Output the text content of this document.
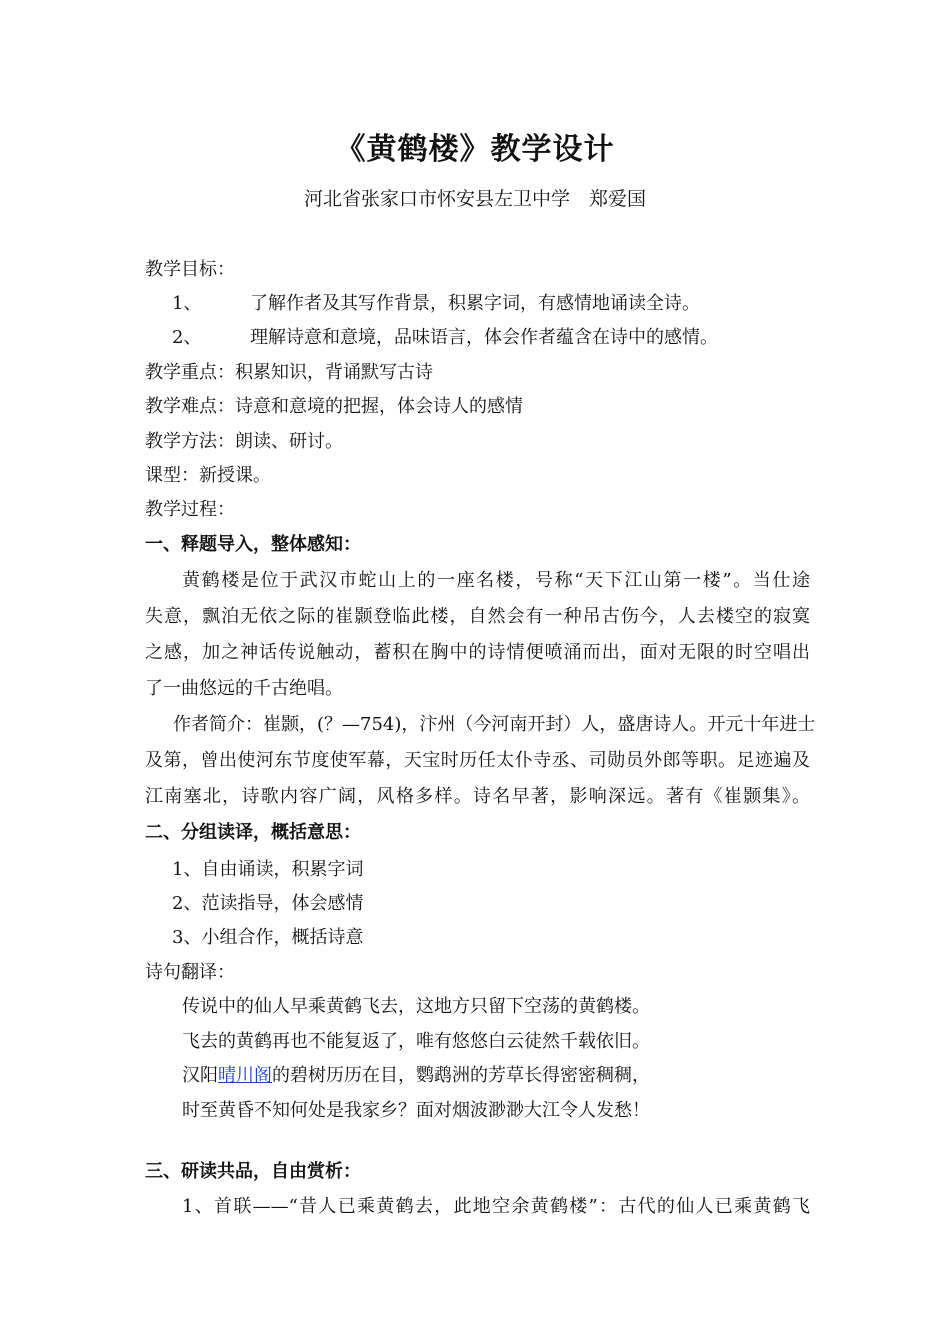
《黄鹤楼》教学设计
河北省张家口市怀安县左卫中学　郑爱国
教学目标：
1、	了解作者及其写作背景，积累字词，有感情地诵读全诗。
2、	理解诗意和意境，品味语言，体会作者蕴含在诗中的感情。
教学重点：积累知识，背诵默写古诗
教学难点：诗意和意境的把握，体会诗人的感情
教学方法：朗读、研讨。
课型：新授课。
教学过程：
一、释题导入，整体感知：
黄鹤楼是位于武汉市蛇山上的一座名楼，号称“天下江山第一楼”。当仕途
失意，飘泊无依之际的崔颢登临此楼，自然会有一种吊古伤今，人去楼空的寂寞
之感，加之神话传说触动，蓄积在胸中的诗情便喷涌而出，面对无限的时空唱出
了一曲悠远的千古绝唱。
作者简介：崔颢，(？—754)，汴州（今河南开封）人，盛唐诗人。开元十年进士
及第，曾出使河东节度使军幕，天宝时历任太仆寺丞、司勋员外郎等职。足迹遍及
江南塞北，诗歌内容广阔，风格多样。诗名早著，影响深远。著有《崔颢集》。
二、分组读译，概括意思：
1、自由诵读，积累字词
2、范读指导，体会感情
3、小组合作，概括诗意
诗句翻译：
传说中的仙人早乘黄鹤飞去，这地方只留下空荡的黄鹤楼。
飞去的黄鹤再也不能复返了，唯有悠悠白云徒然千载依旧。
汉阳晴川阁的碧树历历在目，鹦鹉洲的芳草长得密密稠稠，
时至黄昏不知何处是我家乡？面对烟波渺渺大江令人发愁！
三、研读共品，自由赏析：
1、首联——“昔人已乘黄鹤去，此地空余黄鹤楼”：古代的仙人已乘黄鹤飞
